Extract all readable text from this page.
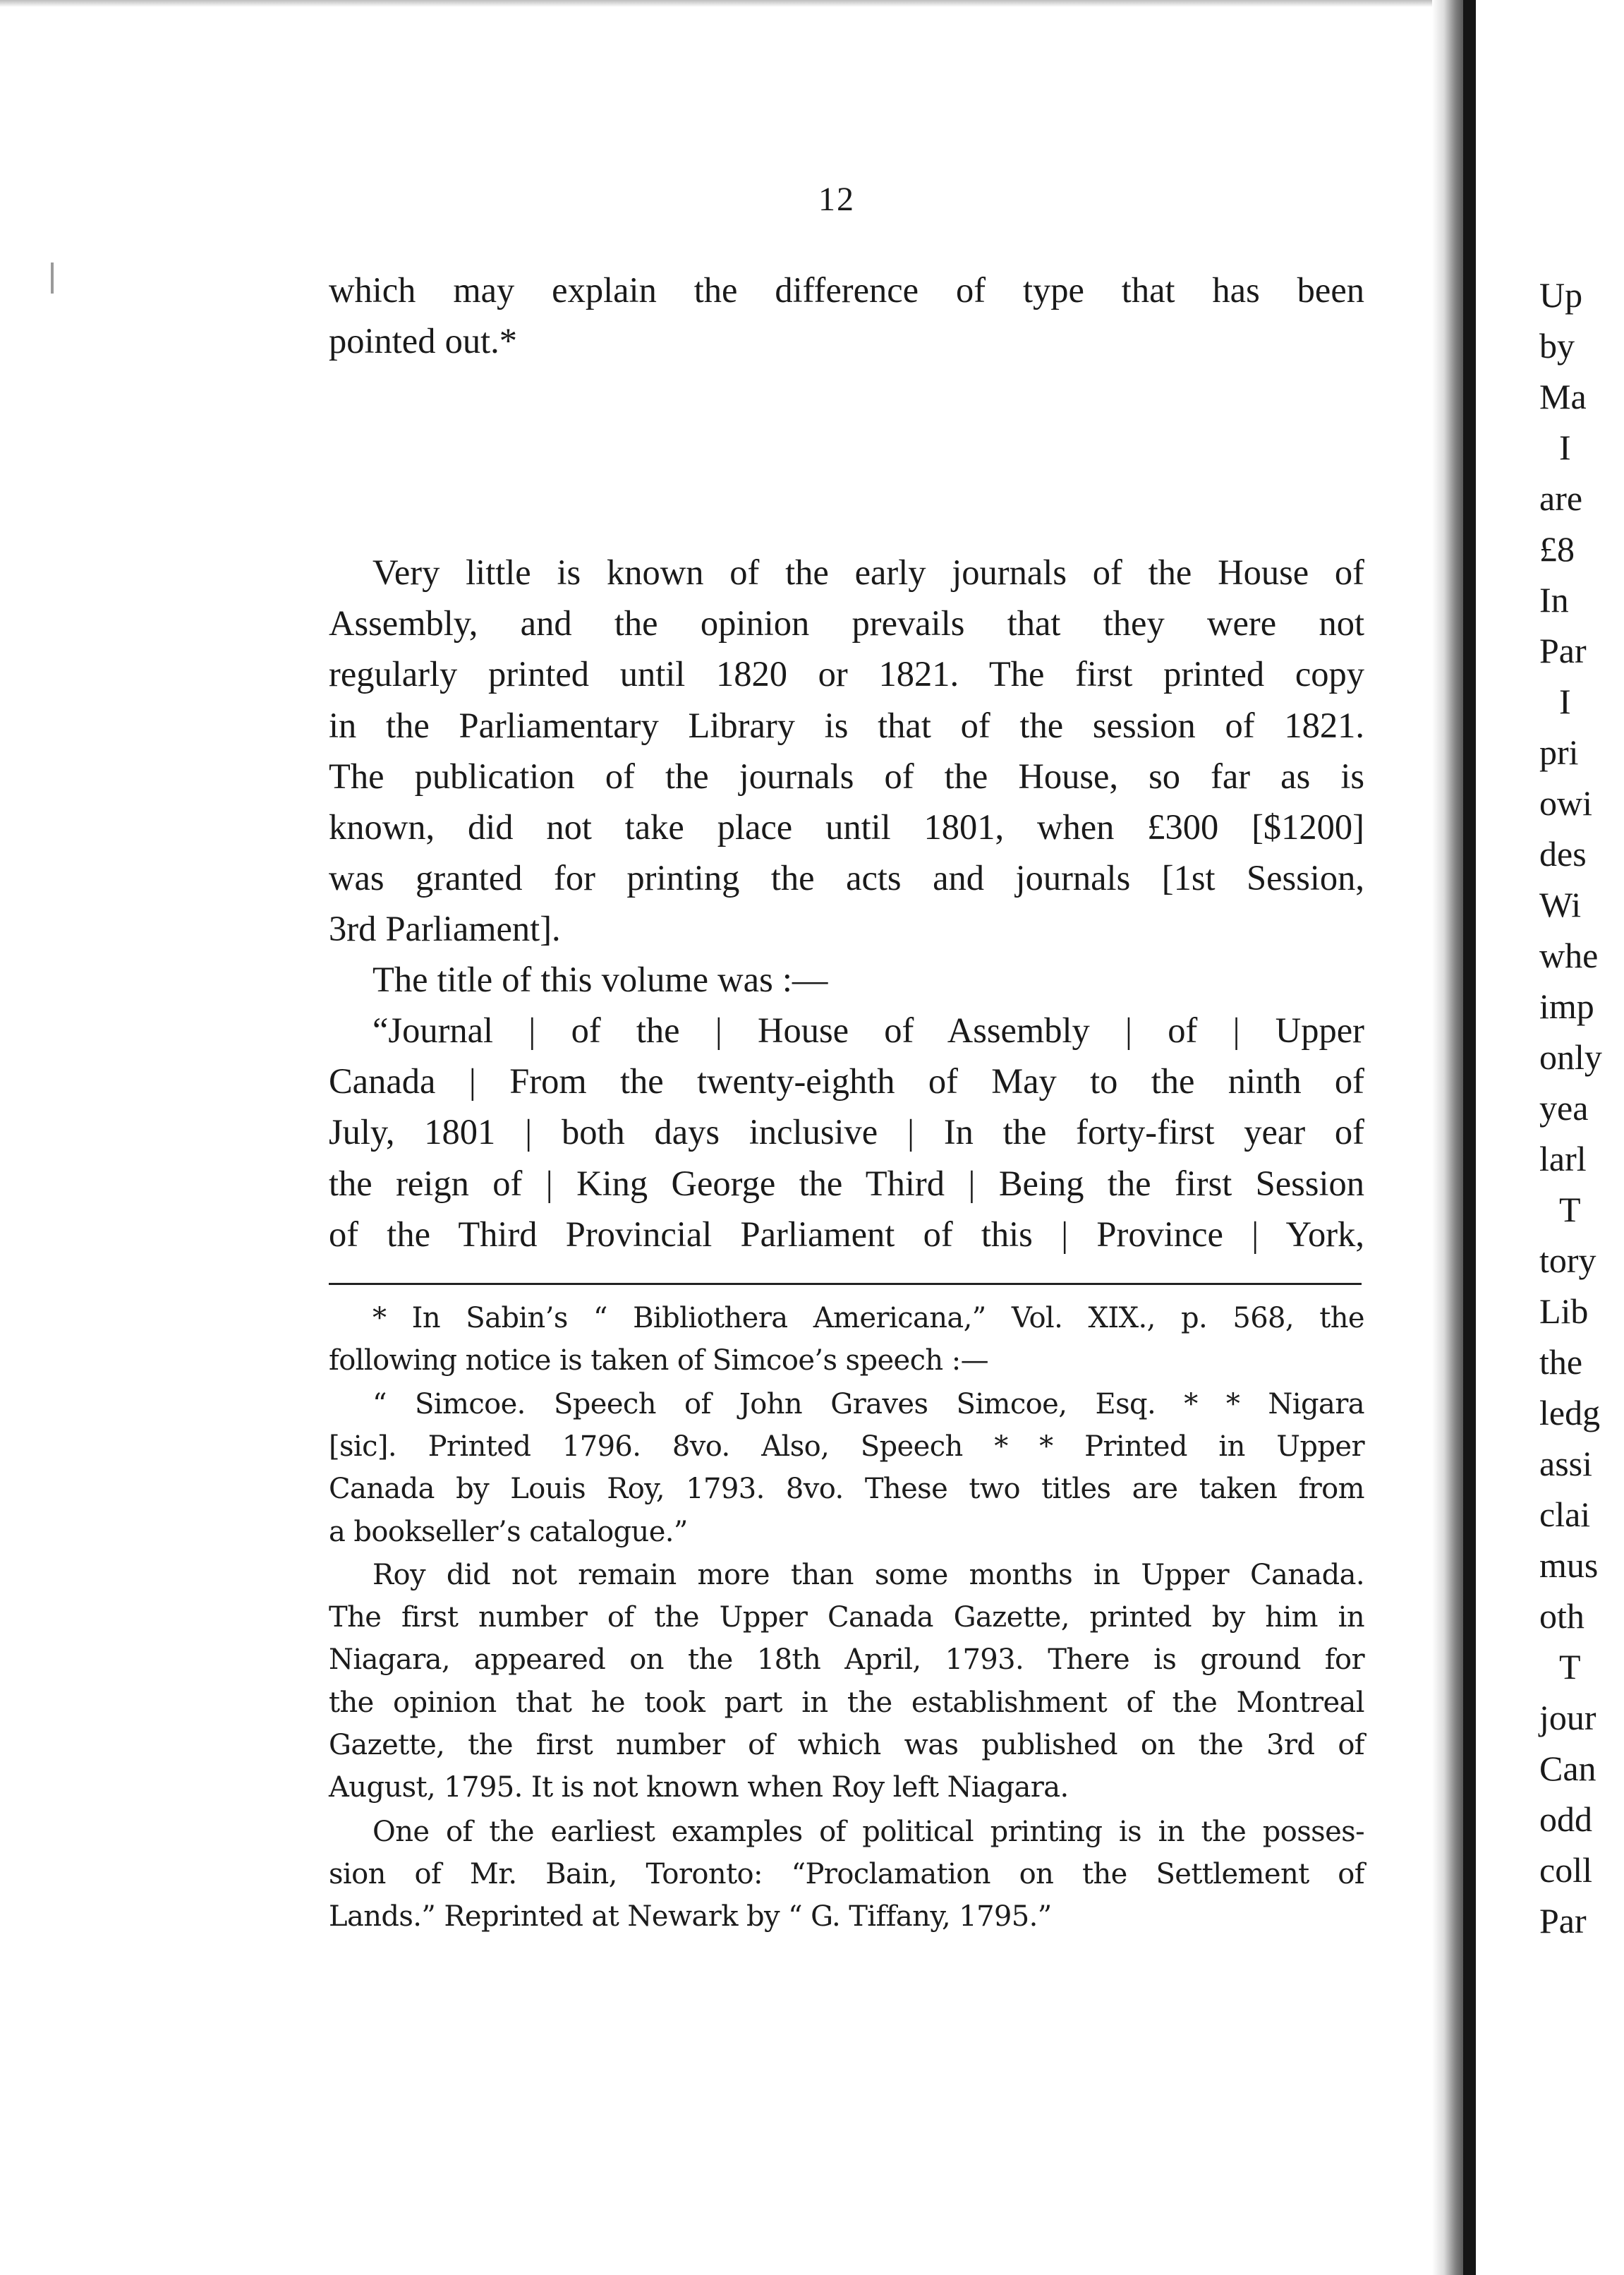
12
which may explain the difference of type that has been
pointed out.*
Very little is known of the early journals of the House of
Assembly, and the opinion prevails that they were not
regularly printed until 1820 or 1821. The first printed copy
in the Parliamentary Library is that of the session of 1821.
The publication of the journals of the House, so far as is
known, did not take place until 1801, when £300 [$1200]
was granted for printing the acts and journals [1st Session,
3rd Parliament].
The title of this volume was :—
“Journal | of the | House of Assembly | of | Upper
Canada | From the twenty-eighth of May to the ninth of
July, 1801 | both days inclusive | In the forty-first year of
the reign of | King George the Third | Being the first Session
of the Third Provincial Parliament of this | Province | York,
* In Sabin’s “ Bibliothera Americana,” Vol. XIX., p. 568, the
following notice is taken of Simcoe’s speech :—
“ Simcoe. Speech of John Graves Simcoe, Esq. * * Nigara
[sic]. Printed 1796. 8vo. Also, Speech * * Printed in Upper
Canada by Louis Roy, 1793. 8vo. These two titles are taken from
a bookseller’s catalogue.”
Roy did not remain more than some months in Upper Canada.
The first number of the Upper Canada Gazette, printed by him in
Niagara, appeared on the 18th April, 1793. There is ground for
the opinion that he took part in the establishment of the Montreal
Gazette, the first number of which was published on the 3rd of
August, 1795. It is not known when Roy left Niagara.
One of the earliest examples of political printing is in the posses-
sion of Mr. Bain, Toronto: “Proclamation on the Settlement of
Lands.” Reprinted at Newark by “ G. Tiffany, 1795.”
Up
by
Ma
I
are
£8
In
Par
I
pri
owi
des
Wi
whe
imp
only
yea
larl
T
tory
Lib
the
ledg
assi
clai
mus
oth
T
jour
Can
odd
coll
Par
